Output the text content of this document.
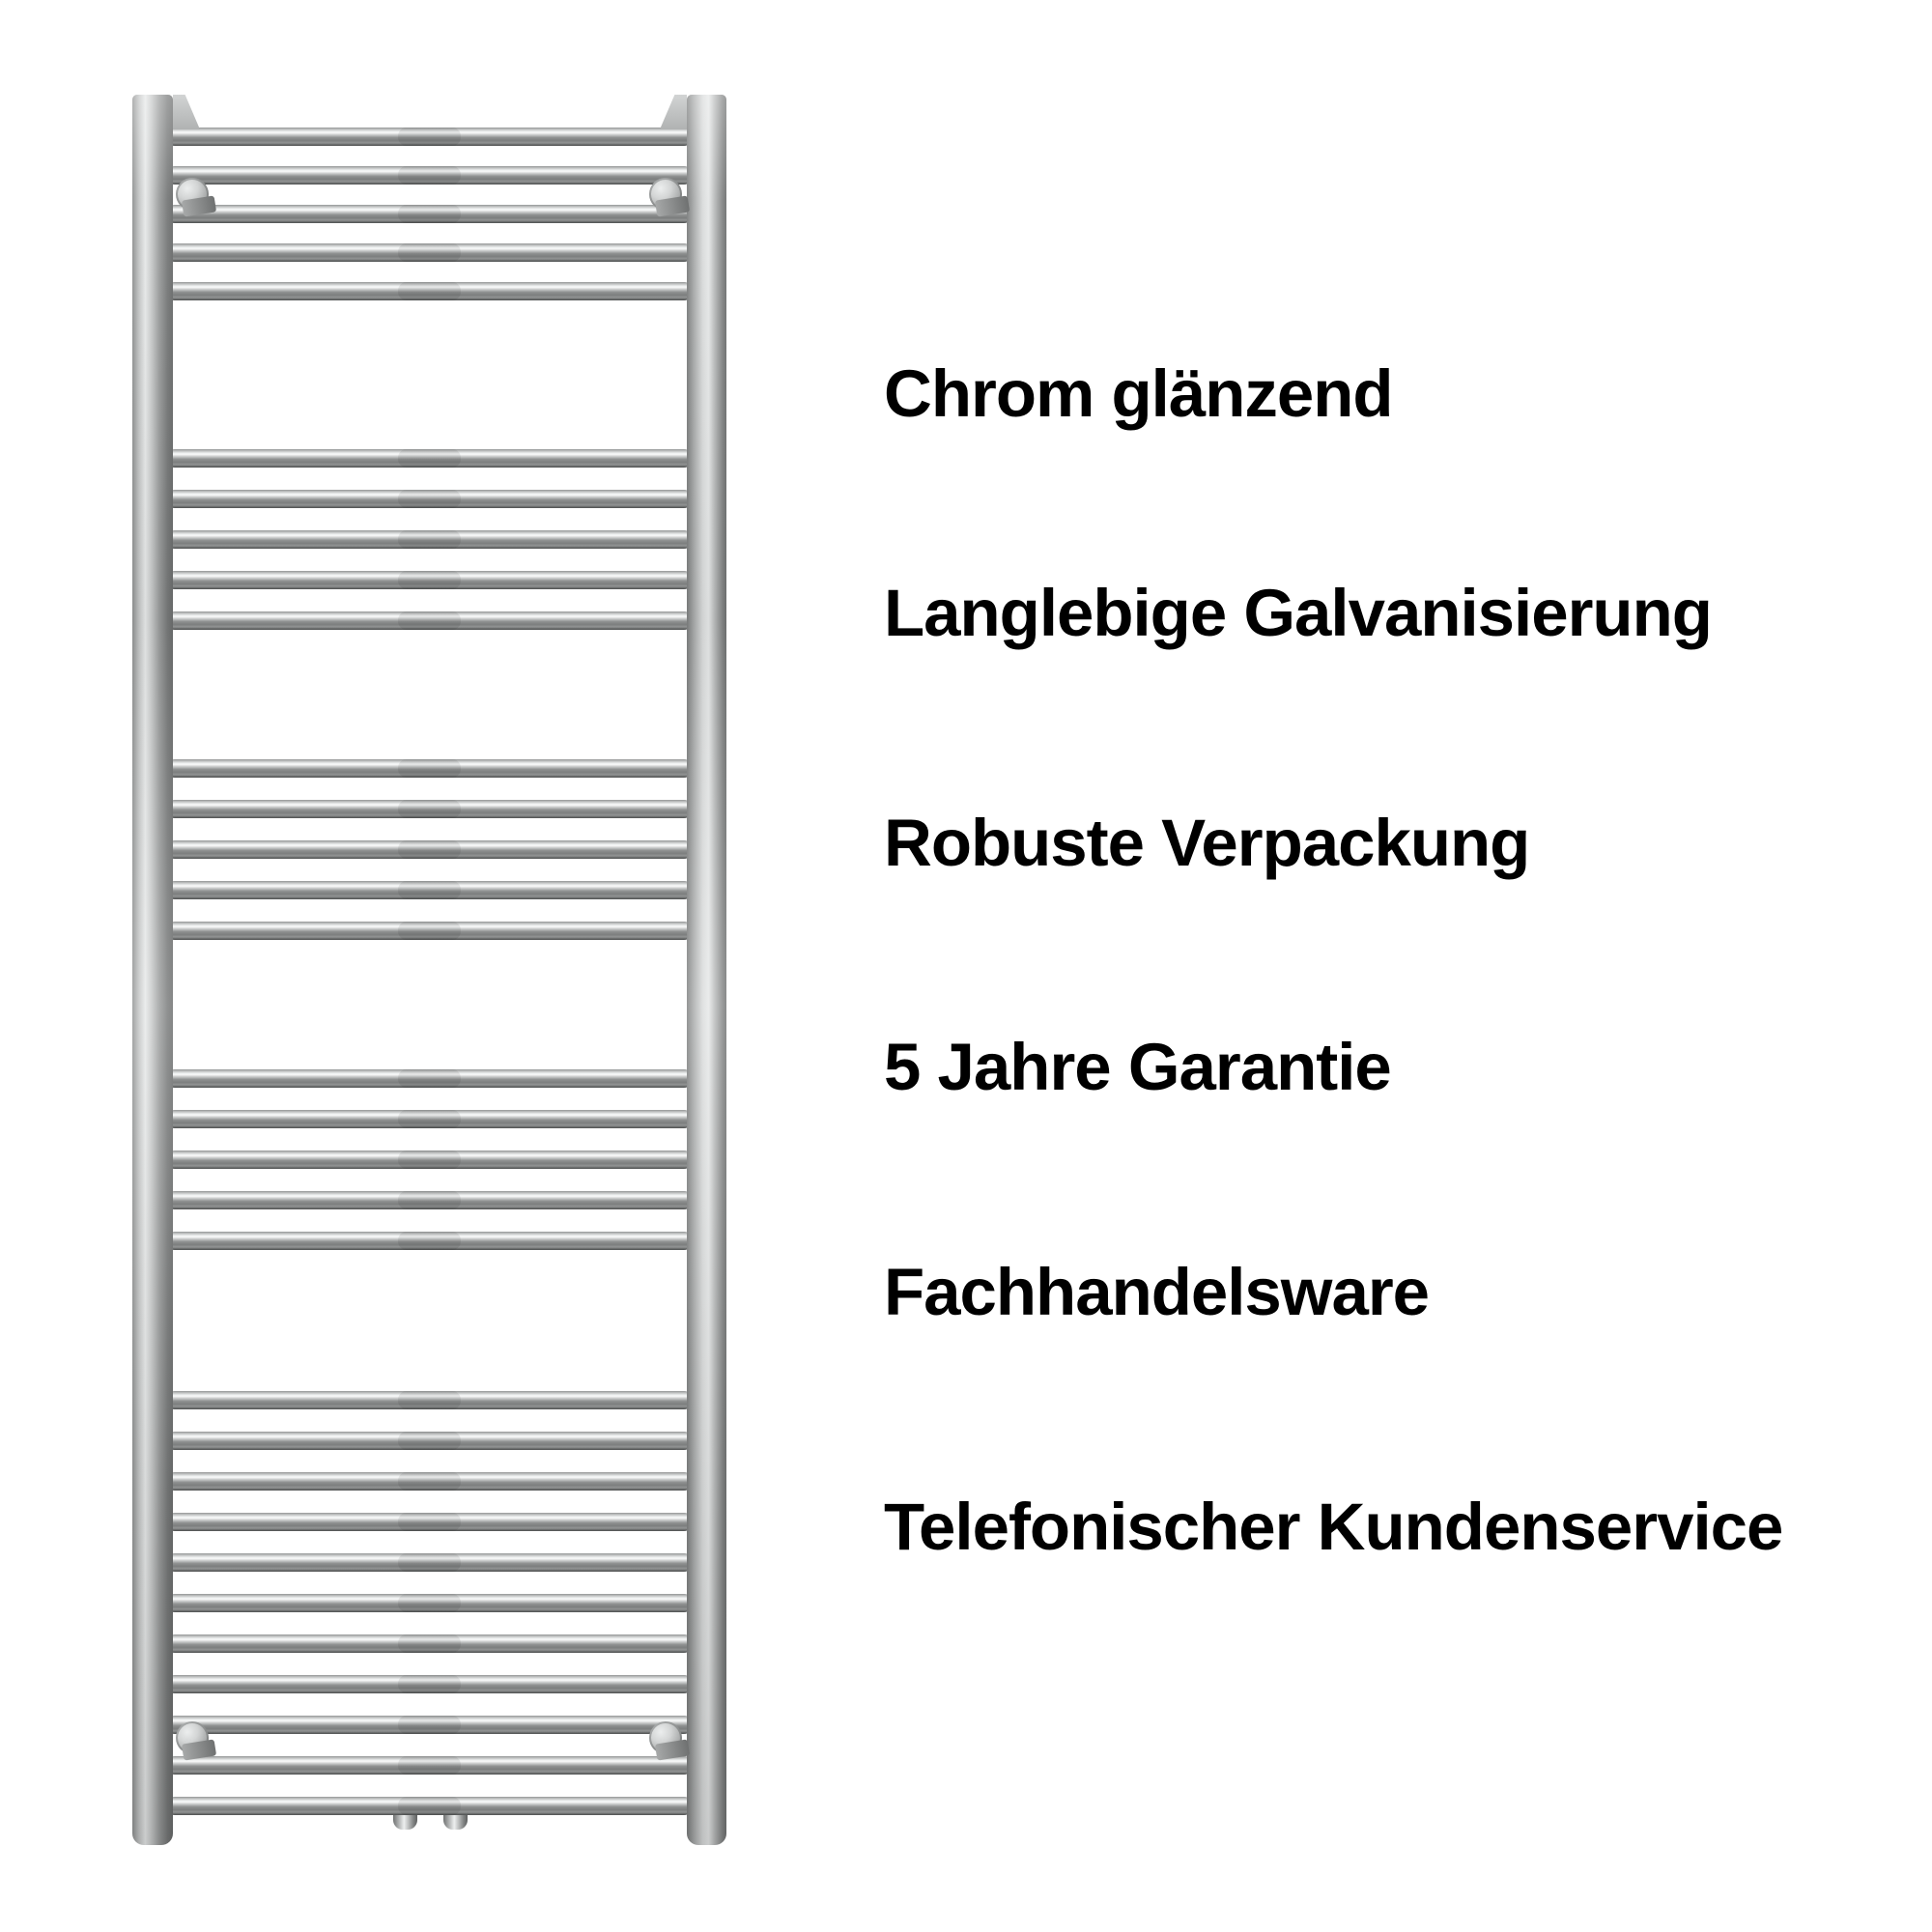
Chrom glänzend
Langlebige Galvanisierung
Robuste Verpackung
5 Jahre Garantie
Fachhandelsware
Telefonischer Kundenservice
